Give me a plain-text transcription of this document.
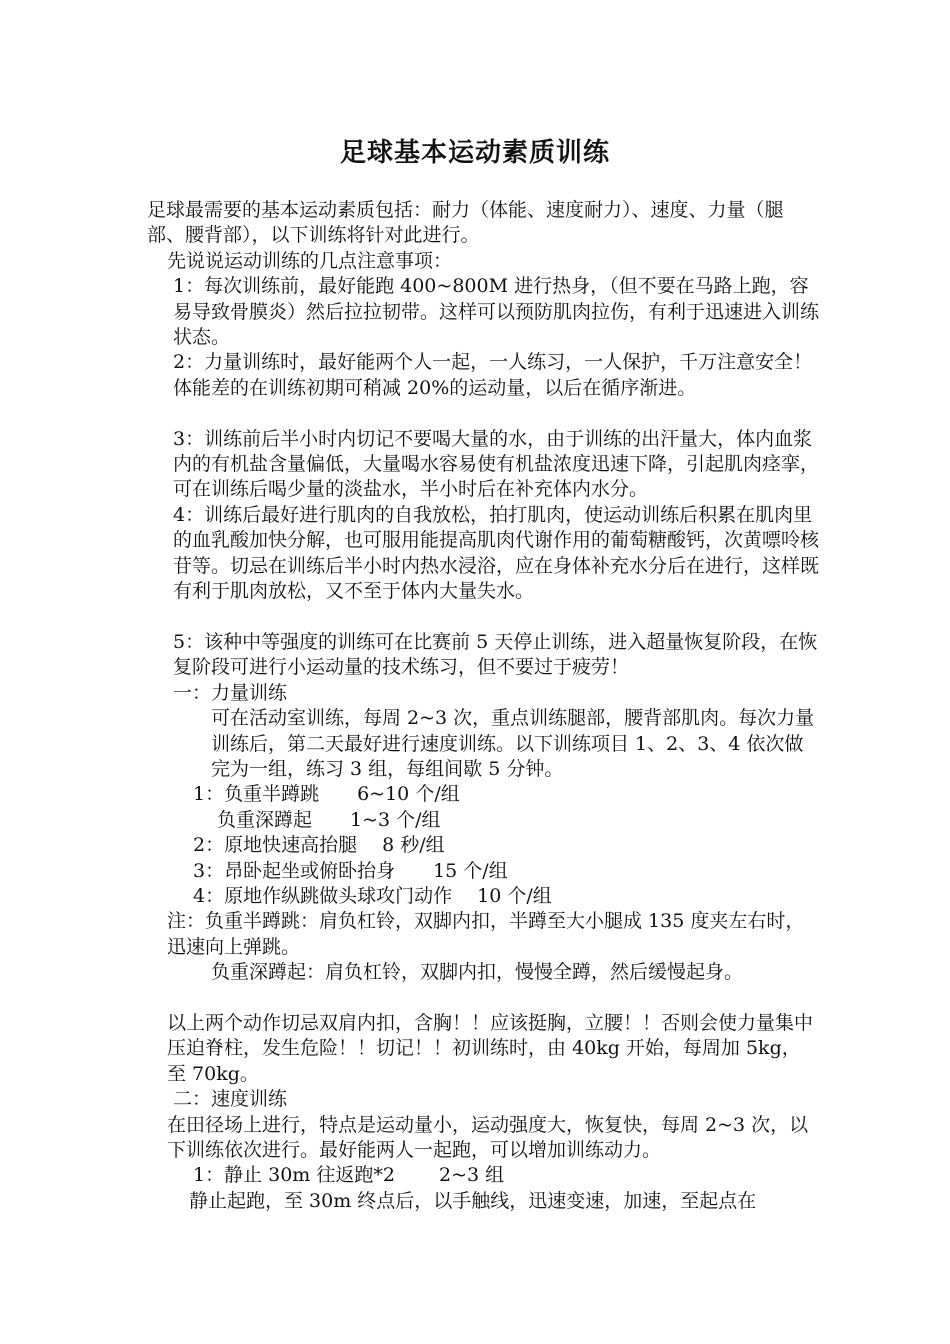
足球基本运动素质训练

足球最需要的基本运动素质包括：耐力（体能、速度耐力）、速度、力量（腿部、腰背部），以下训练将针对此进行。

先说说运动训练的几点注意事项：

1：每次训练前，最好能跑 400~800M 进行热身，（但不要在马路上跑，容易导致骨膜炎）然后拉拉韧带。这样可以预防肌肉拉伤，有利于迅速进入训练状态。

2：力量训练时，最好能两个人一起，一人练习，一人保护，千万注意安全！体能差的在训练初期可稍减 20%的运动量，以后在循序渐进。

3：训练前后半小时内切记不要喝大量的水，由于训练的出汗量大，体内血浆内的有机盐含量偏低，大量喝水容易使有机盐浓度迅速下降，引起肌肉痉挛，可在训练后喝少量的淡盐水，半小时后在补充体内水分。

4：训练后最好进行肌肉的自我放松，拍打肌肉，使运动训练后积累在肌肉里的血乳酸加快分解，也可服用能提高肌肉代谢作用的葡萄糖酸钙，次黄嘌呤核苷等。切忌在训练后半小时内热水浸浴，应在身体补充水分后在进行，这样既有利于肌肉放松，又不至于体内大量失水。

5：该种中等强度的训练可在比赛前 5 天停止训练，进入超量恢复阶段，在恢复阶段可进行小运动量的技术练习，但不要过于疲劳！

一：力量训练

可在活动室训练，每周 2~3 次，重点训练腿部，腰背部肌肉。每次力量训练后，第二天最好进行速度训练。以下训练项目 1、2、3、4 依次做完为一组，练习 3 组，每组间歇 5 分钟。

1：负重半蹲跳　　6~10 个/组

负重深蹲起　　1~3 个/组

2：原地快速高抬腿　 8 秒/组

3：昂卧起坐或俯卧抬身　　15 个/组

4：原地作纵跳做头球攻门动作　 10 个/组

注：负重半蹲跳：肩负杠铃，双脚内扣，半蹲至大小腿成 135 度夹左右时，迅速向上弹跳。

负重深蹲起：肩负杠铃，双脚内扣，慢慢全蹲，然后缓慢起身。

以上两个动作切忌双肩内扣，含胸！！应该挺胸，立腰！！否则会使力量集中压迫脊柱，发生危险！！切记！！初训练时，由 40kg 开始，每周加 5kg，至 70kg。

二：速度训练

在田径场上进行，特点是运动量小，运动强度大，恢复快，每周 2~3 次，以下训练依次进行。最好能两人一起跑，可以增加训练动力。

1：静止 30m 往返跑*2　　 2~3 组

静止起跑，至 30m 终点后，以手触线，迅速变速，加速，至起点在
